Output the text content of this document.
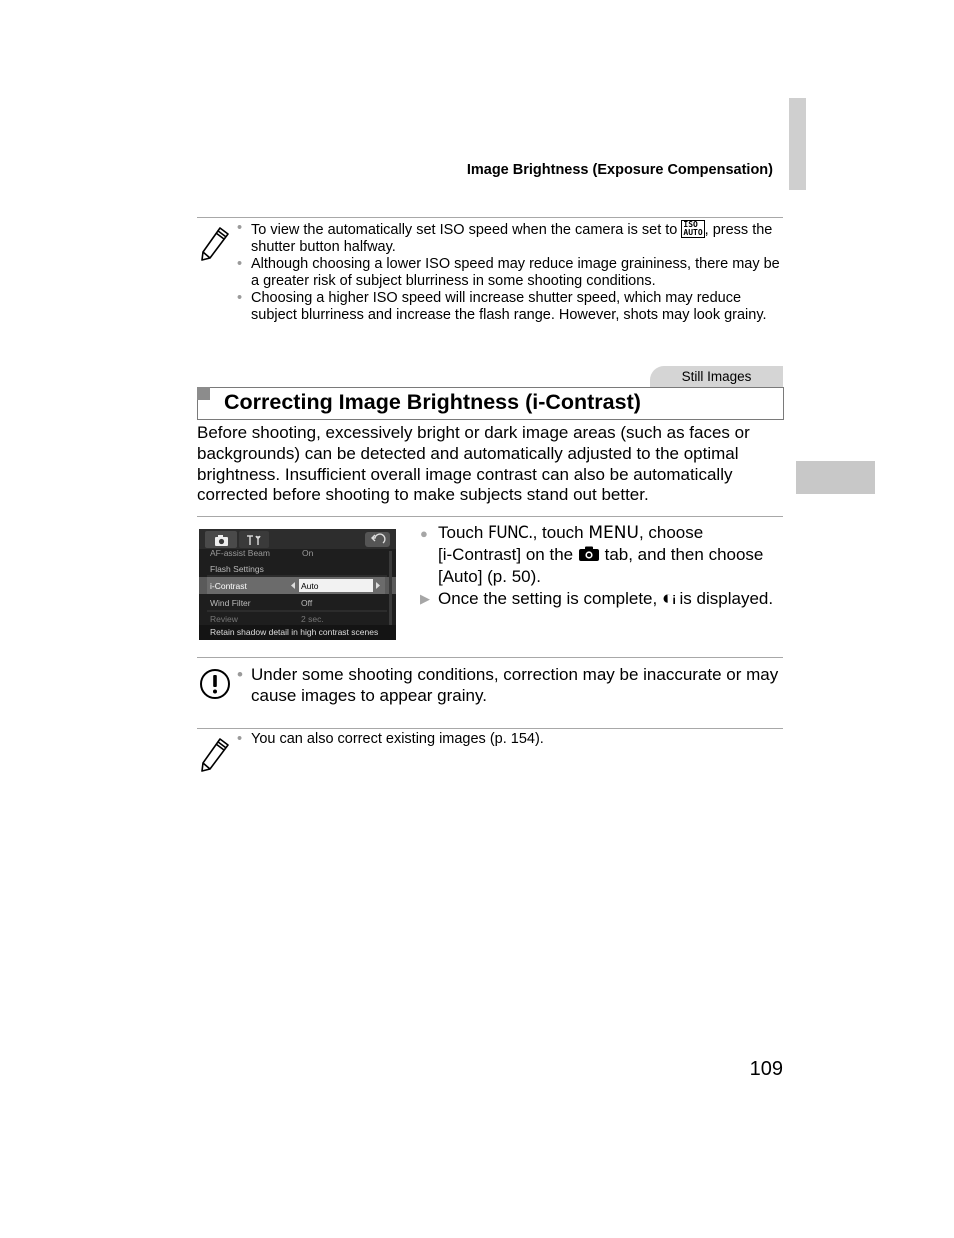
Image Brightness (Exposure Compensation)
• To view the automatically set ISO speed when the camera is set to ISO
AUTO , press the shutter button halfway.
• Although choosing a lower ISO speed may reduce image graininess, there may be a greater risk of subject blurriness in some shooting conditions.
• Choosing a higher ISO speed will increase shutter speed, which may reduce subject blurriness and increase the flash range. However, shots may look grainy.
Still Images
Correcting Image Brightness (i-Contrast)

Before shooting, excessively bright or dark image areas (such as faces or backgrounds) can be detected and automatically adjusted to the optimal brightness. Insufficient overall image contrast can also be automatically corrected before shooting to make subjects stand out better.

AF-assist Beam	On
Flash Settings
i-Contrast	Auto
Wind Filter	Off
Review	2 sec.
Retain shadow detail in high contrast scenes
● Touch FUNC., touch MENU, choose
[i-Contrast] on the tab, and then choose
[Auto] (p. 50).
▶ Once the setting is complete, ◐i is displayed.
• Under some shooting conditions, correction may be inaccurate or may cause images to appear grainy.
• You can also correct existing images (p. 154).
109
